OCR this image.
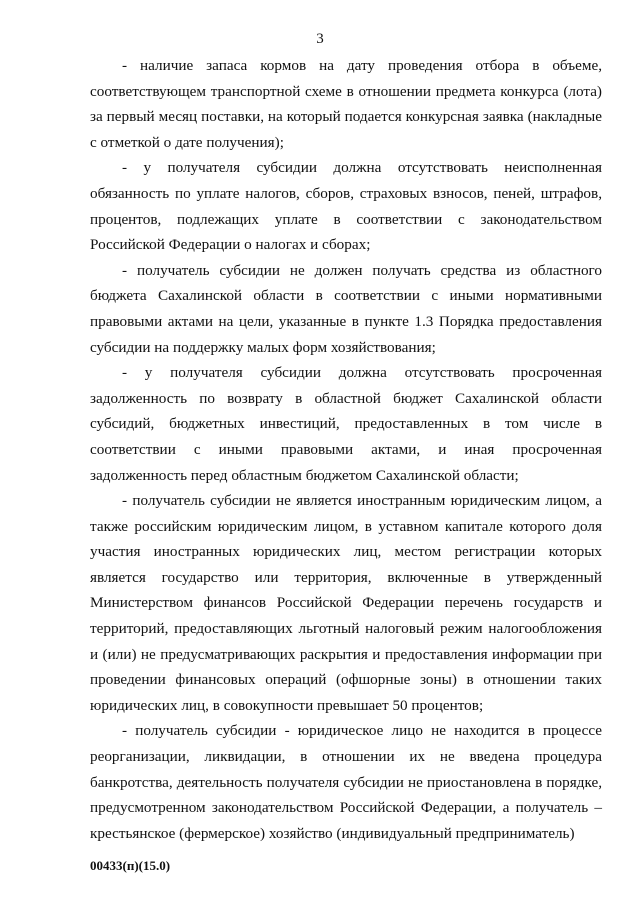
3

- наличие запаса кормов на дату проведения отбора в объеме, соответствующем транспортной схеме в отношении предмета конкурса (лота) за первый месяц поставки, на который подается конкурсная заявка (накладные с отметкой о дате получения);

- у получателя субсидии должна отсутствовать неисполненная обязанность по уплате налогов, сборов, страховых взносов, пеней, штрафов, процентов, подлежащих уплате в соответствии с законодательством Российской Федерации о налогах и сборах;

- получатель субсидии не должен получать средства из областного бюджета Сахалинской области в соответствии с иными нормативными правовыми актами на цели, указанные в пункте 1.3 Порядка предоставления субсидии на поддержку малых форм хозяйствования;

- у получателя субсидии должна отсутствовать просроченная задолженность по возврату в областной бюджет Сахалинской области субсидий, бюджетных инвестиций, предоставленных в том числе в соответствии с иными правовыми актами, и иная просроченная задолженность перед областным бюджетом Сахалинской области;

- получатель субсидии не является иностранным юридическим лицом, а также российским юридическим лицом, в уставном капитале которого доля участия иностранных юридических лиц, местом регистрации которых является государство или территория, включенные в утвержденный Министерством финансов Российской Федерации перечень государств и территорий, предоставляющих льготный налоговый режим налогообложения и (или) не предусматривающих раскрытия и предоставления информации при проведении финансовых операций (офшорные зоны) в отношении таких юридических лиц, в совокупности превышает 50 процентов;

- получатель субсидии - юридическое лицо не находится в процессе реорганизации, ликвидации, в отношении их не введена процедура банкротства, деятельность получателя субсидии не приостановлена в порядке, предусмотренном законодательством Российской Федерации, а получатель – крестьянское (фермерское) хозяйство (индивидуальный предприниматель)

00433(п)(15.0)
